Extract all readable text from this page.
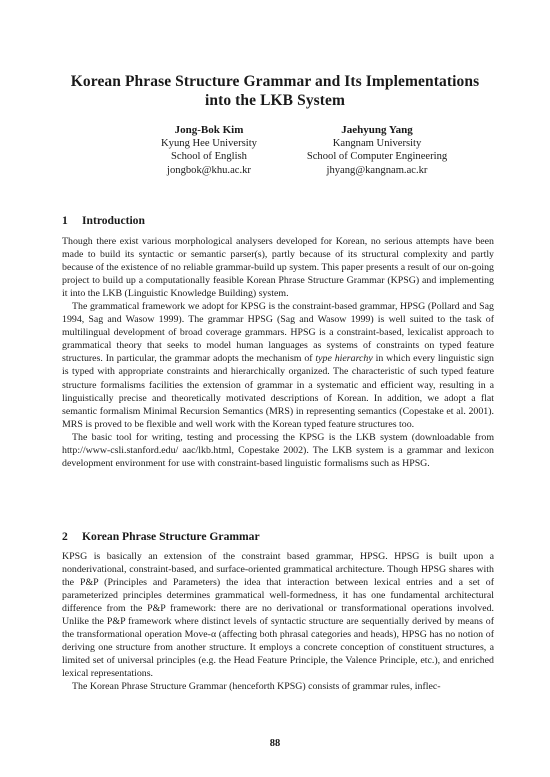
Korean Phrase Structure Grammar and Its Implementations
into the LKB System
Jong-Bok Kim
Kyung Hee University
School of English
jongbok@khu.ac.kr
Jaehyung Yang
Kangnam University
School of Computer Engineering
jhyang@kangnam.ac.kr
1 Introduction

Though there exist various morphological analysers developed for Korean, no serious attempts have been made to build its syntactic or semantic parser(s), partly because of its structural complexity and partly because of the existence of no reliable grammar-build up system. This paper presents a result of our on-going project to build up a computationally feasible Korean Phrase Structure Grammar (KPSG) and implementing it into the LKB (Linguistic Knowledge Building) system.

The grammatical framework we adopt for KPSG is the constraint-based grammar, HPSG (Pollard and Sag 1994, Sag and Wasow 1999). The grammar HPSG (Sag and Wasow 1999) is well suited to the task of multilingual development of broad coverage grammars. HPSG is a constraint-based, lexicalist approach to grammatical theory that seeks to model human languages as systems of constraints on typed feature structures. In particular, the grammar adopts the mechanism of type hierarchy in which every linguistic sign is typed with appropriate constraints and hierarchically organized. The characteristic of such typed feature structure formalisms facilities the extension of grammar in a systematic and efficient way, resulting in a linguistically precise and theoretically motivated descriptions of Korean. In addition, we adopt a flat semantic formalism Minimal Recursion Semantics (MRS) in representing semantics (Copestake et al. 2001). MRS is proved to be flexible and well work with the Korean typed feature structures too.

The basic tool for writing, testing and processing the KPSG is the LKB system (downloadable from http://www-csli.stanford.edu/ aac/lkb.html, Copestake 2002). The LKB system is a grammar and lexicon development environment for use with constraint-based linguistic formalisms such as HPSG.

2 Korean Phrase Structure Grammar

KPSG is basically an extension of the constraint based grammar, HPSG. HPSG is built upon a nonderivational, constraint-based, and surface-oriented grammatical architecture. Though HPSG shares with the P&P (Principles and Parameters) the idea that interaction between lexical entries and a set of parameterized principles determines grammatical well-formedness, it has one fundamental architectural difference from the P&P framework: there are no derivational or transformational operations involved. Unlike the P&P framework where distinct levels of syntactic structure are sequentially derived by means of the transformational operation Move-α (affecting both phrasal categories and heads), HPSG has no notion of deriving one structure from another structure. It employs a concrete conception of constituent structures, a limited set of universal principles (e.g. the Head Feature Principle, the Valence Principle, etc.), and enriched lexical representations.

The Korean Phrase Structure Grammar (henceforth KPSG) consists of grammar rules, inflec-

88
